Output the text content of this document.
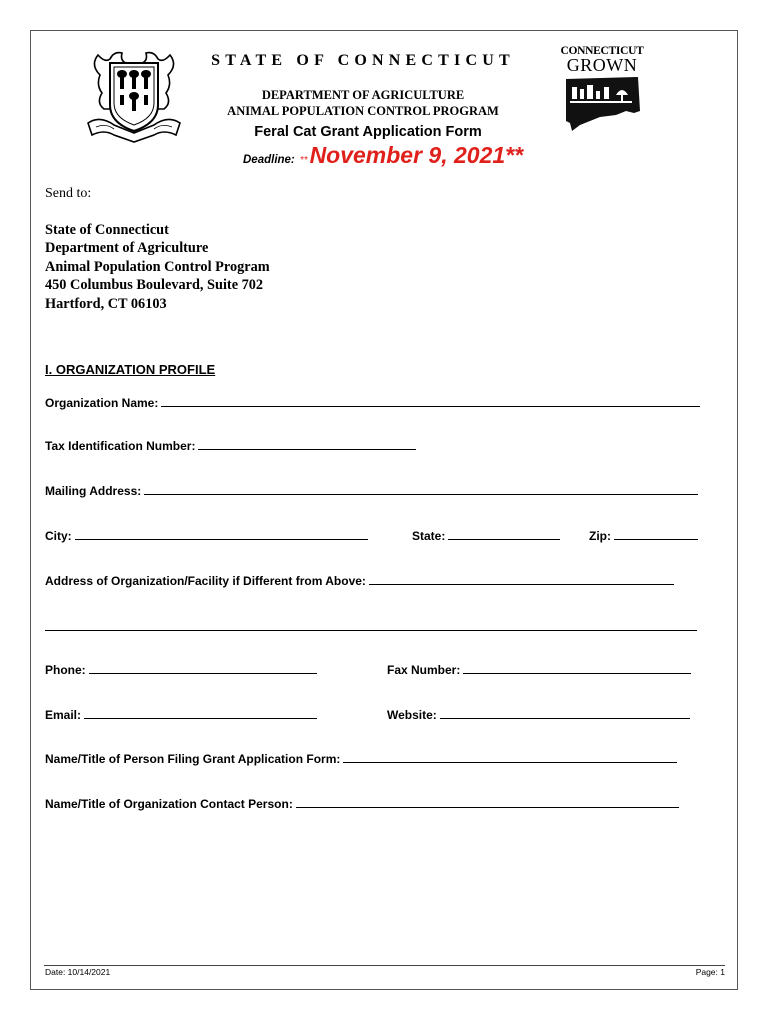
STATE OF CONNECTICUT
DEPARTMENT OF AGRICULTURE
ANIMAL POPULATION CONTROL PROGRAM
Feral Cat Grant Application Form
Deadline: **November 9, 2021**
CONNECTICUT
GROWN
Send to:
State of Connecticut
Department of Agriculture
Animal Population Control Program
450 Columbus Boulevard, Suite 702
Hartford, CT 06103
I. ORGANIZATION PROFILE
Organization Name:
Tax Identification Number:
Mailing Address:
City:	State:	Zip:
Address of Organization/Facility if Different from Above:
Phone:	Fax Number:
Email:	Website:
Name/Title of Person Filing Grant Application Form:
Name/Title of Organization Contact Person:
Date: 10/14/2021	Page: 1
